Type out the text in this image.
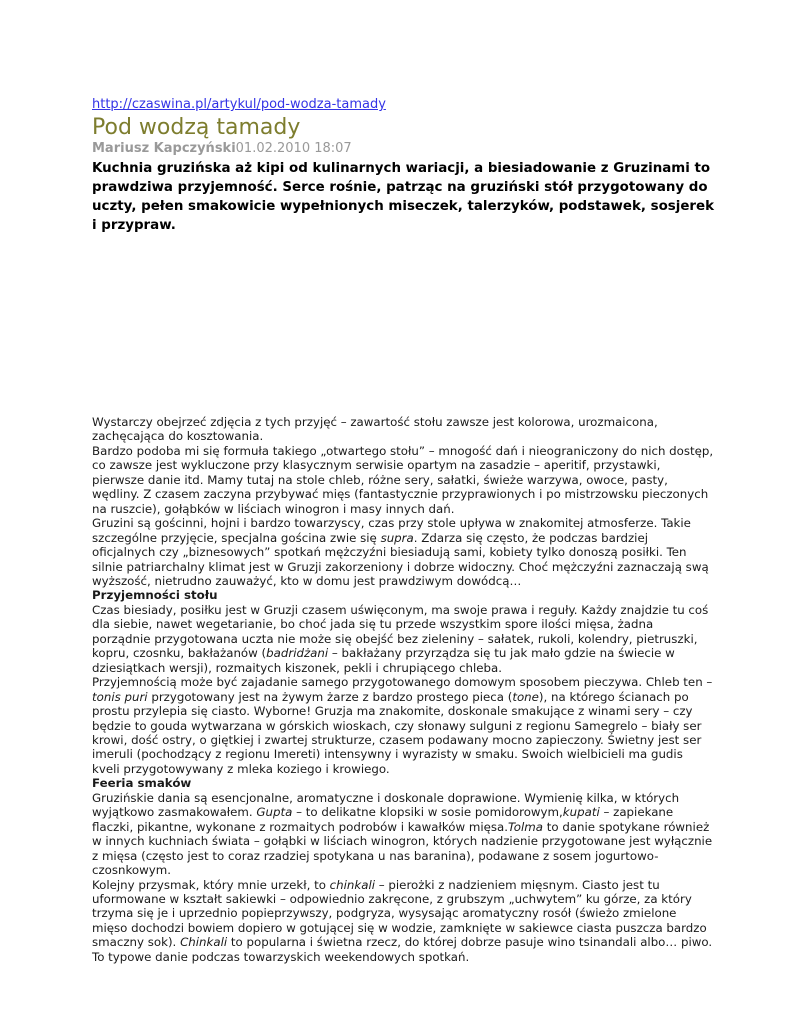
http://czaswina.pl/artykul/pod-wodza-tamady
Pod wodzą tamady
Mariusz Kapczyński01.02.2010 18:07

Kuchnia gruzińska aż kipi od kulinarnych wariacji, a biesiadowanie z Gruzinami to prawdziwa przyjemność. Serce rośnie, patrząc na gruziński stół przygotowany do uczty, pełen smakowicie wypełnionych miseczek, talerzyków, podstawek, sosjerek i przypraw.

Wystarczy obejrzeć zdjęcia z tych przyjęć – zawartość stołu zawsze jest kolorowa, urozmaicona, zachęcająca do kosztowania.

Bardzo podoba mi się formuła takiego „otwartego stołu” – mnogość dań i nieograniczony do nich dostęp, co zawsze jest wykluczone przy klasycznym serwisie opartym na zasadzie – aperitif, przystawki, pierwsze danie itd. Mamy tutaj na stole chleb, różne sery, sałatki, świeże warzywa, owoce, pasty, wędliny. Z czasem zaczyna przybywać mięs (fantastycznie przyprawionych i po mistrzowsku pieczonych na ruszcie), gołąbków w liściach winogron i masy innych dań.

Gruzini są gościnni, hojni i bardzo towarzyscy, czas przy stole upływa w znakomitej atmosferze. Takie szczególne przyjęcie, specjalna gościna zwie się supra. Zdarza się często, że podczas bardziej oficjalnych czy „biznesowych” spotkań mężczyźni biesiadują sami, kobiety tylko donoszą posiłki. Ten silnie patriarchalny klimat jest w Gruzji zakorzeniony i dobrze widoczny. Choć mężczyźni zaznaczają swą wyższość, nietrudno zauważyć, kto w domu jest prawdziwym dowódcą…

Przyjemności stołu

Czas biesiady, posiłku jest w Gruzji czasem uświęconym, ma swoje prawa i reguły. Każdy znajdzie tu coś dla siebie, nawet wegetarianie, bo choć jada się tu przede wszystkim spore ilości mięsa, żadna porządnie przygotowana uczta nie może się obejść bez zieleniny – sałatek, rukoli, kolendry, pietruszki, kopru, czosnku, bakłażanów (badridżani – bakłażany przyrządza się tu jak mało gdzie na świecie w dziesiątkach wersji), rozmaitych kiszonek, pekli i chrupiącego chleba.

Przyjemnością może być zajadanie samego przygotowanego domowym sposobem pieczywa. Chleb ten – tonis puri przygotowany jest na żywym żarze z bardzo prostego pieca (tone), na którego ścianach po prostu przylepia się ciasto. Wyborne! Gruzja ma znakomite, doskonale smakujące z winami sery – czy będzie to gouda wytwarzana w górskich wioskach, czy słonawy sulguni z regionu Samegrelo – biały ser krowi, dość ostry, o giętkiej i zwartej strukturze, czasem podawany mocno zapieczony. Świetny jest ser imeruli (pochodzący z regionu Imereti) intensywny i wyrazisty w smaku. Swoich wielbicieli ma gudis kveli przygotowywany z mleka koziego i krowiego.

Feeria smaków

Gruzińskie dania są esencjonalne, aromatyczne i doskonale doprawione. Wymienię kilka, w których wyjątkowo zasmakowałem. Gupta – to delikatne klopsiki w sosie pomidorowym,kupati – zapiekane flaczki, pikantne, wykonane z rozmaitych podrobów i kawałków mięsa.Tolma to danie spotykane również w innych kuchniach świata – gołąbki w liściach winogron, których nadzienie przygotowane jest wyłącznie z mięsa (często jest to coraz rzadziej spotykana u nas baranina), podawane z sosem jogurtowo-czosnkowym.

Kolejny przysmak, który mnie urzekł, to chinkali – pierożki z nadzieniem mięsnym. Ciasto jest tu uformowane w kształt sakiewki – odpowiednio zakręcone, z grubszym „uchwytem” ku górze, za który trzyma się je i uprzednio popieprzywszy, podgryza, wysysając aromatyczny rosół (świeżo zmielone mięso dochodzi bowiem dopiero w gotującej się w wodzie, zamknięte w sakiewce ciasta puszcza bardzo smaczny sok). Chinkali to popularna i świetna rzecz, do której dobrze pasuje wino tsinandali albo… piwo. To typowe danie podczas towarzyskich weekendowych spotkań.
